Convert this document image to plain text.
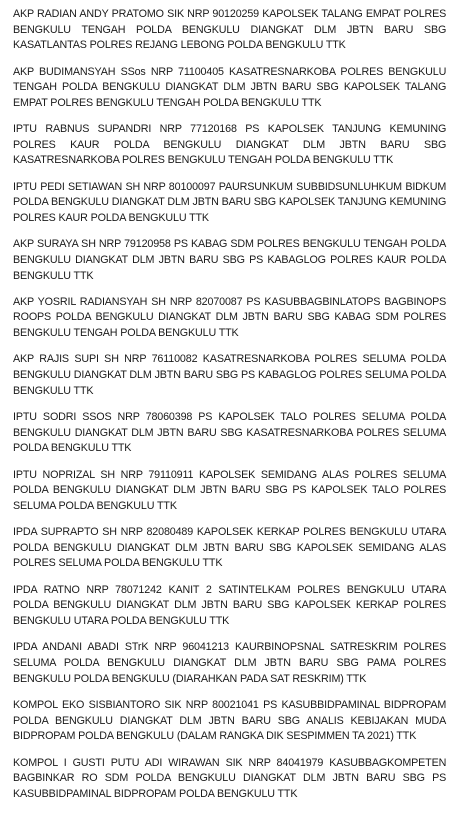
AKP RADIAN ANDY PRATOMO SIK NRP 90120259 KAPOLSEK TALANG EMPAT POLRES BENGKULU TENGAH POLDA BENGKULU DIANGKAT DLM JBTN BARU SBG KASATLANTAS POLRES REJANG LEBONG POLDA BENGKULU TTK

AKP BUDIMANSYAH SSos NRP 71100405 KASATRESNARKOBA POLRES BENGKULU TENGAH POLDA BENGKULU DIANGKAT DLM JBTN BARU SBG KAPOLSEK TALANG EMPAT POLRES BENGKULU TENGAH POLDA BENGKULU TTK

IPTU RABNUS SUPANDRI NRP 77120168 PS KAPOLSEK TANJUNG KEMUNING POLRES KAUR POLDA BENGKULU DIANGKAT DLM JBTN BARU SBG KASATRESNARKOBA POLRES BENGKULU TENGAH POLDA BENGKULU TTK

IPTU PEDI SETIAWAN SH NRP 80100097 PAURSUNKUM SUBBIDSUNLUHKUM BIDKUM POLDA BENGKULU DIANGKAT DLM JBTN BARU SBG KAPOLSEK TANJUNG KEMUNING POLRES KAUR POLDA BENGKULU TTK

AKP SURAYA SH NRP 79120958 PS KABAG SDM POLRES BENGKULU TENGAH POLDA BENGKULU DIANGKAT DLM JBTN BARU SBG PS KABAGLOG POLRES KAUR POLDA BENGKULU TTK

AKP YOSRIL RADIANSYAH SH NRP 82070087 PS KASUBBAGBINLATOPS BAGBINOPS ROOPS POLDA BENGKULU DIANGKAT DLM JBTN BARU SBG KABAG SDM POLRES BENGKULU TENGAH POLDA BENGKULU TTK

AKP RAJIS SUPI SH NRP 76110082 KASATRESNARKOBA POLRES SELUMA POLDA BENGKULU DIANGKAT DLM JBTN BARU SBG PS KABAGLOG POLRES SELUMA POLDA BENGKULU TTK

IPTU SODRI SSOS NRP 78060398 PS KAPOLSEK TALO POLRES SELUMA POLDA BENGKULU DIANGKAT DLM JBTN BARU SBG KASATRESNARKOBA POLRES SELUMA POLDA BENGKULU TTK

IPTU NOPRIZAL SH NRP 79110911 KAPOLSEK SEMIDANG ALAS POLRES SELUMA POLDA BENGKULU DIANGKAT DLM JBTN BARU SBG PS KAPOLSEK TALO POLRES SELUMA POLDA BENGKULU TTK

IPDA SUPRAPTO SH NRP 82080489 KAPOLSEK KERKAP POLRES BENGKULU UTARA POLDA BENGKULU DIANGKAT DLM JBTN BARU SBG KAPOLSEK SEMIDANG ALAS POLRES SELUMA POLDA BENGKULU TTK

IPDA RATNO NRP 78071242 KANIT 2 SATINTELKAM POLRES BENGKULU UTARA POLDA BENGKULU DIANGKAT DLM JBTN BARU SBG KAPOLSEK KERKAP POLRES BENGKULU UTARA POLDA BENGKULU TTK

IPDA ANDANI ABADI STrK NRP 96041213 KAURBINOPSNAL SATRESKRIM POLRES SELUMA POLDA BENGKULU DIANGKAT DLM JBTN BARU SBG PAMA POLRES BENGKULU POLDA BENGKULU (DIARAHKAN PADA SAT RESKRIM) TTK

KOMPOL EKO SISBIANTORO SIK NRP 80021041 PS KASUBBIDPAMINAL BIDPROPAM POLDA BENGKULU DIANGKAT DLM JBTN BARU SBG ANALIS KEBIJAKAN MUDA BIDPROPAM POLDA BENGKULU (DALAM RANGKA DIK SESPIMMEN TA 2021) TTK

KOMPOL I GUSTI PUTU ADI WIRAWAN SIK NRP 84041979 KASUBBAGKOMPETEN BAGBINKAR RO SDM POLDA BENGKULU DIANGKAT DLM JBTN BARU SBG PS KASUBBIDPAMINAL BIDPROPAM POLDA BENGKULU TTK
